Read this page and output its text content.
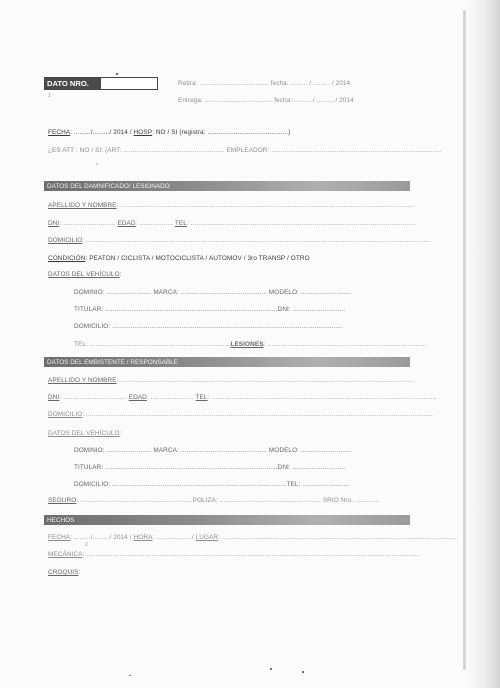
DATO NRO.
1
Retira: ..................................... fecha: ......... / ......... / 2014
Entrega: .................................... fecha: ......... / ......... / 2014
FECHA: ........./........./ 2014 / HOSP: NO / SI (registra: ...........................................)
¿ES ATT : NO / SI: (ART: ...................................................... EMPLEADOR: ...........................................................................................
*
DATOS DEL DAMNIFICADO/ LESIONADO
APELLIDO Y NOMBRE: .............................................................................................................................................................
DNI: ............................ EDAD: .................. TEL: ........................................................................................................................
DOMICILIO: ........................................................................................................................................................................................
CONDICIÓN: PEATON / CICLISTA / MOTOCICLISTA / AUTOMOV / 3ro TRANSP / OTRO
DATOS DEL VEHÍCULO:
DOMINIO: ........................ MARCA: .............................................. MODELO: ...........................
TITULAR: ............................................................................................DNI: ............................
DOMICILIO: ...........................................................................................................................
TEL: ...........................................................................LESIONES: .....................................................................................
DATOS DEL EMBISTENTE / RESPONSABLE
APELLIDO Y NOMBRE: .............................................................................................................................................................
DNI: .................................. EDAD: ....................... TEL: ........................................................................................................................
DOMICILIO: .........................................................................................................................................................................................
DATOS DEL VEHÍCULO:
DOMINIO: ........................ MARCA: .............................................. MODELO: ...........................
TITULAR: ............................................................................................DNI: ............................
DOMICILIO: .............................................................................................TEL: .........................
SEGURO: ............................................................POLIZA: ...................................................... SRIO Nro. .............
HECHOS
FECHA: ........./........./ 2014 / HORA: .................../ LUGAR: ..............................................................................................................................
J
MECÁNICA: ..................................................................................................................................................................................
CROQUIS:
